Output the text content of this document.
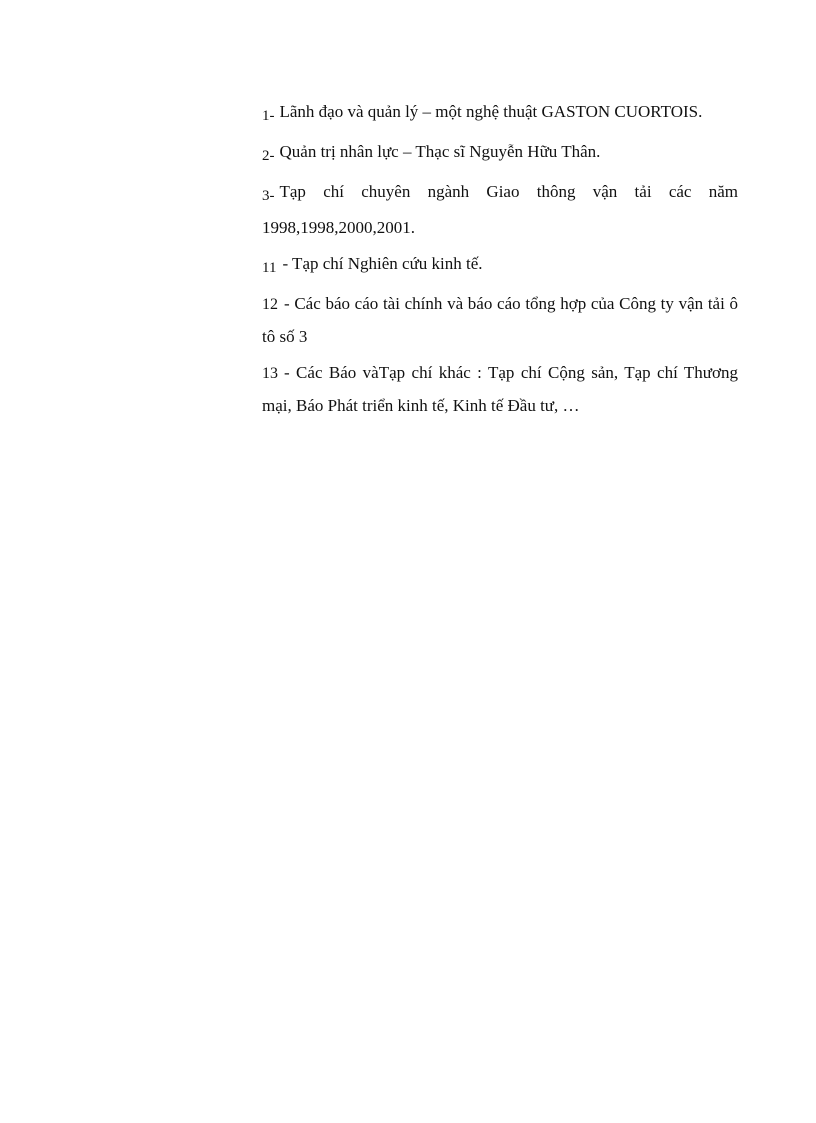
1- Lãnh đạo và quản lý – một nghệ thuật GASTON CUORTOIS.

2- Quản trị nhân lực – Thạc sĩ Nguyễn Hữu Thân.

3- Tạp chí chuyên ngành Giao thông vận tải các năm 1998,1998,2000,2001.

11 - Tạp chí Nghiên cứu kinh tế.

12 - Các báo cáo tài chính và báo cáo tổng hợp của Công ty vận tải ô tô số 3

13 - Các Báo vàTạp chí khác : Tạp chí Cộng sản, Tạp chí Thương mại, Báo Phát triển kinh tế, Kinh tế Đầu tư, …
